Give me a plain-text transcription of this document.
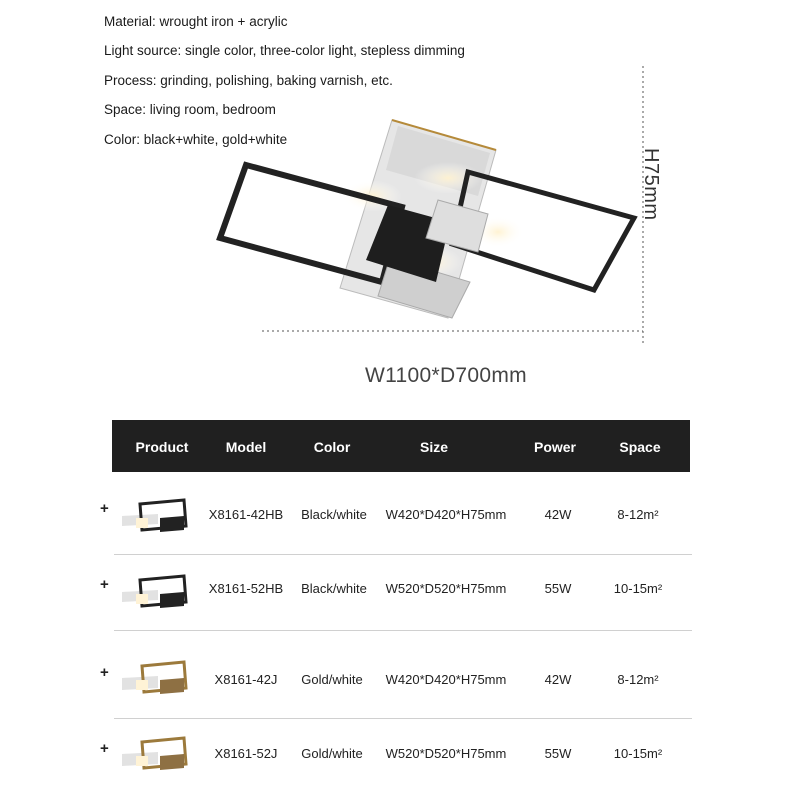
Material: wrought iron + acrylic
Light source: single color, three-color light, stepless dimming
Process: grinding, polishing, baking varnish, etc.
Space: living room, bedroom
Color: black+white, gold+white
H75mm
W1100*D700mm
Product	Model	Color	Size	Power	Space
+	X8161-42HB Black/white W420*D420*H75mm	42W	8-12m²
+	X8161-52HB Black/white W520*D520*H75mm	55W	10-15m²
+	X8161-42J Gold/white W420*D420*H75mm	42W	8-12m²
+	X8161-52J Gold/white W520*D520*H75mm	55W	10-15m²
